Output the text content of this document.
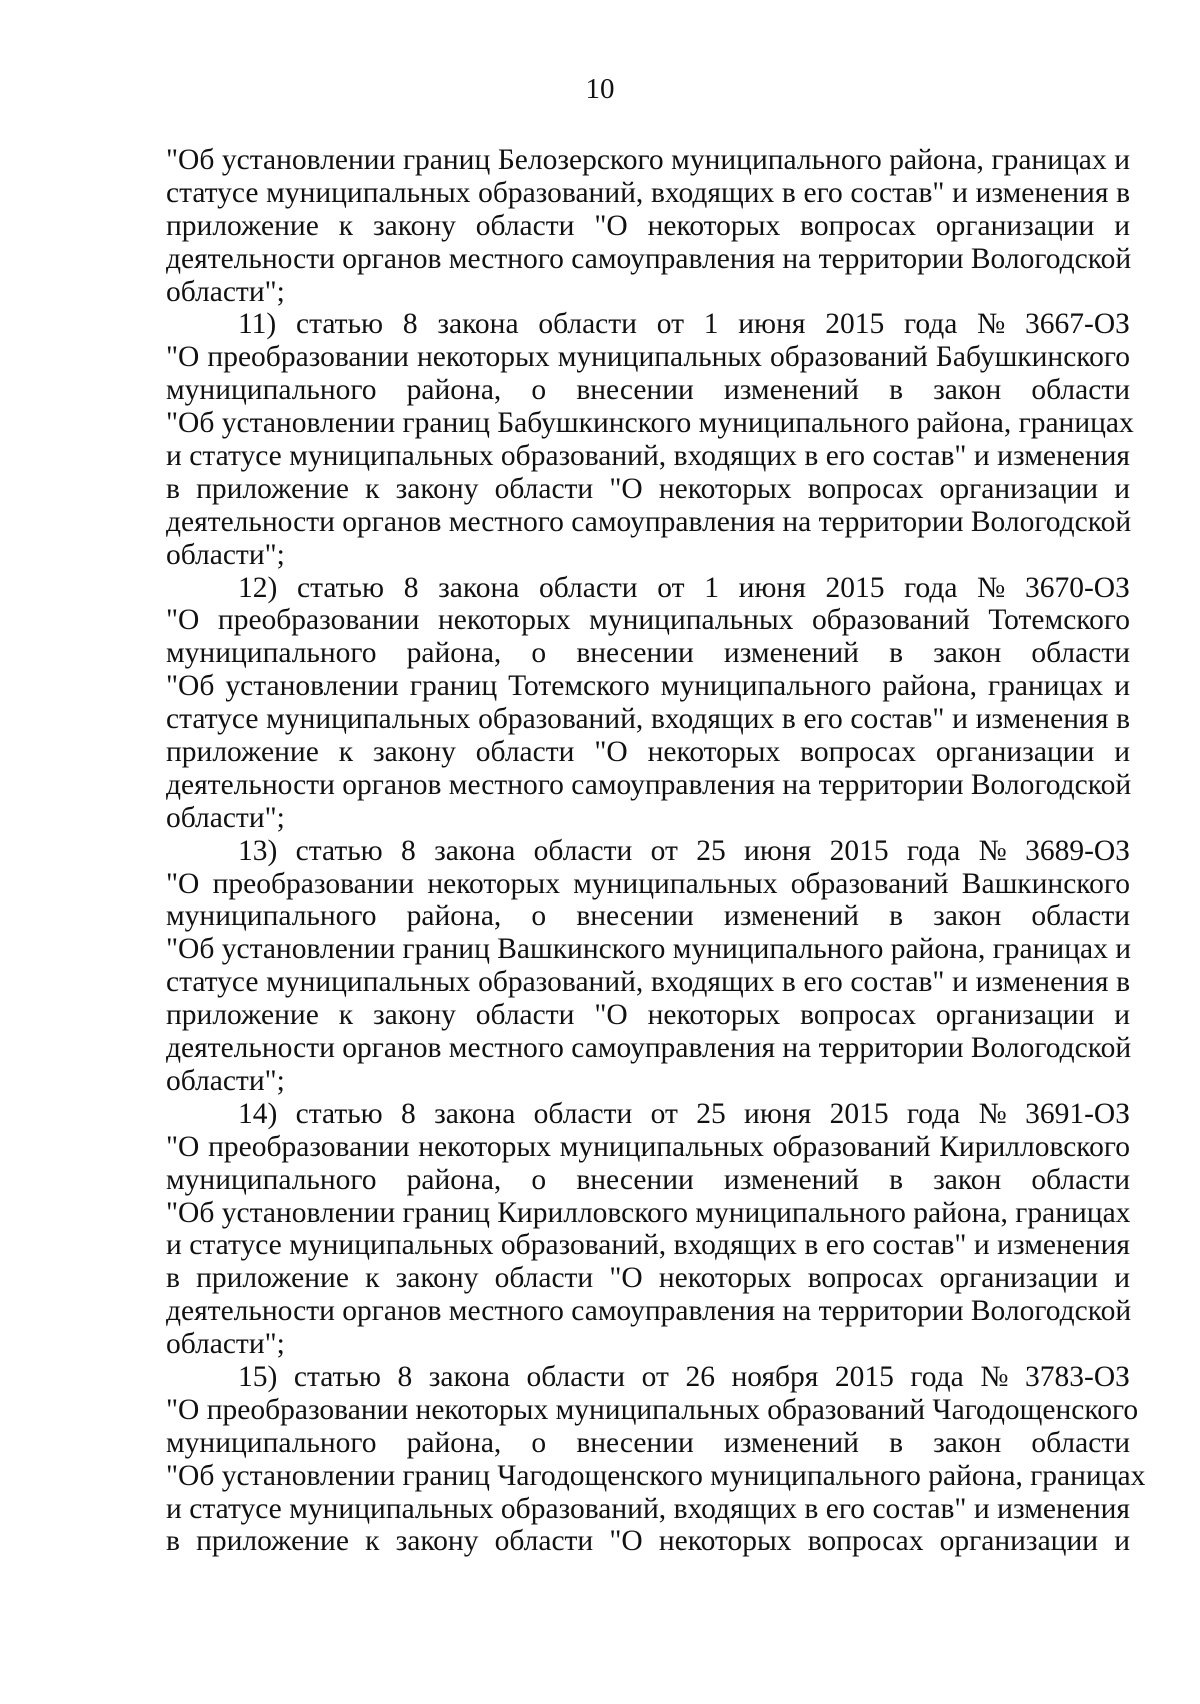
10
"Об установлении границ Белозерского муниципального района, границах и
статусе муниципальных образований, входящих в его состав" и изменения в
приложение к закону области "О некоторых вопросах организации и
деятельности органов местного самоуправления на территории Вологодской
области";
11) статью 8 закона области от 1 июня 2015 года № 3667-ОЗ
"О преобразовании некоторых муниципальных образований Бабушкинского
муниципального района, о внесении изменений в закон области
"Об установлении границ Бабушкинского муниципального района, границах
и статусе муниципальных образований, входящих в его состав" и изменения
в приложение к закону области "О некоторых вопросах организации и
деятельности органов местного самоуправления на территории Вологодской
области";
12) статью 8 закона области от 1 июня 2015 года № 3670-ОЗ
"О преобразовании некоторых муниципальных образований Тотемского
муниципального района, о внесении изменений в закон области
"Об установлении границ Тотемского муниципального района, границах и
статусе муниципальных образований, входящих в его состав" и изменения в
приложение к закону области "О некоторых вопросах организации и
деятельности органов местного самоуправления на территории Вологодской
области";
13) статью 8 закона области от 25 июня 2015 года № 3689-ОЗ
"О преобразовании некоторых муниципальных образований Вашкинского
муниципального района, о внесении изменений в закон области
"Об установлении границ Вашкинского муниципального района, границах и
статусе муниципальных образований, входящих в его состав" и изменения в
приложение к закону области "О некоторых вопросах организации и
деятельности органов местного самоуправления на территории Вологодской
области";
14) статью 8 закона области от 25 июня 2015 года № 3691-ОЗ
"О преобразовании некоторых муниципальных образований Кирилловского
муниципального района, о внесении изменений в закон области
"Об установлении границ Кирилловского муниципального района, границах
и статусе муниципальных образований, входящих в его состав" и изменения
в приложение к закону области "О некоторых вопросах организации и
деятельности органов местного самоуправления на территории Вологодской
области";
15) статью 8 закона области от 26 ноября 2015 года № 3783-ОЗ
"О преобразовании некоторых муниципальных образований Чагодощенского
муниципального района, о внесении изменений в закон области
"Об установлении границ Чагодощенского муниципального района, границах
и статусе муниципальных образований, входящих в его состав" и изменения
в приложение к закону области "О некоторых вопросах организации и
